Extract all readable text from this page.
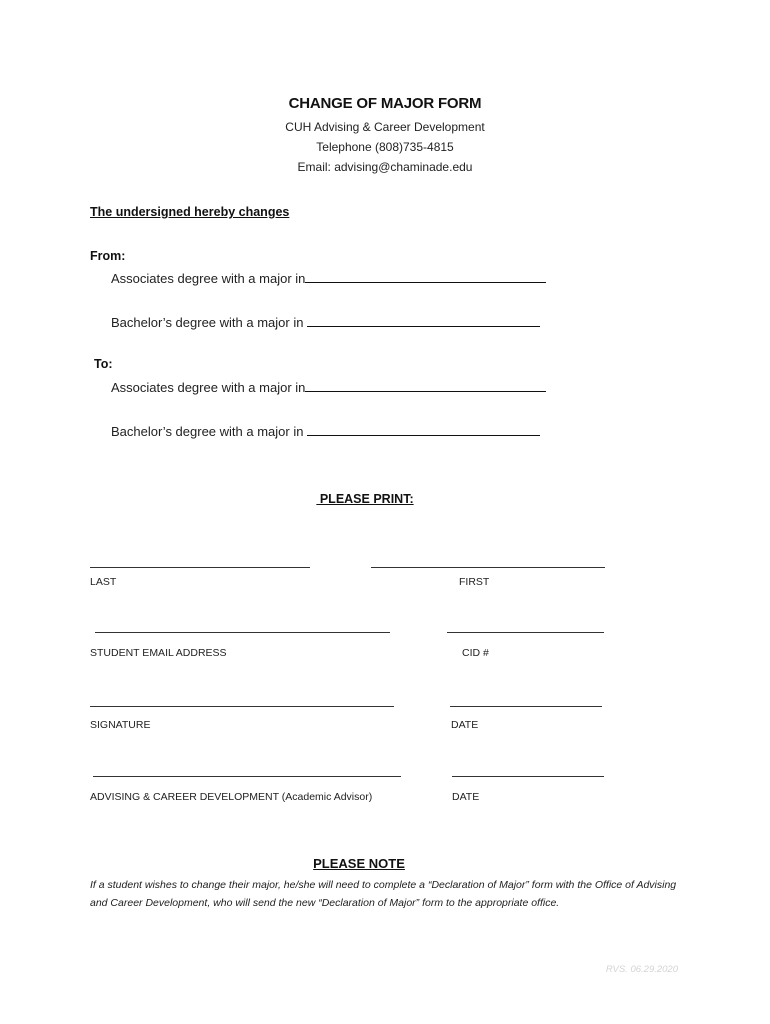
CHANGE OF MAJOR FORM
CUH Advising & Career Development
Telephone (808)735-4815
Email: advising@chaminade.edu
The undersigned hereby changes
From:
Associates degree with a major in
Bachelor’s degree with a major in
To:
Associates degree with a major in
Bachelor’s degree with a major in
PLEASE PRINT:
LAST	FIRST
STUDENT EMAIL ADDRESS	CID #
SIGNATURE	DATE
ADVISING & CAREER DEVELOPMENT (Academic Advisor)	DATE
PLEASE NOTE
If a student wishes to change their major, he/she will need to complete a “Declaration of Major” form with the Office of Advising and Career Development, who will send the new “Declaration of Major” form to the appropriate office.
RVS. 06.29.2020
